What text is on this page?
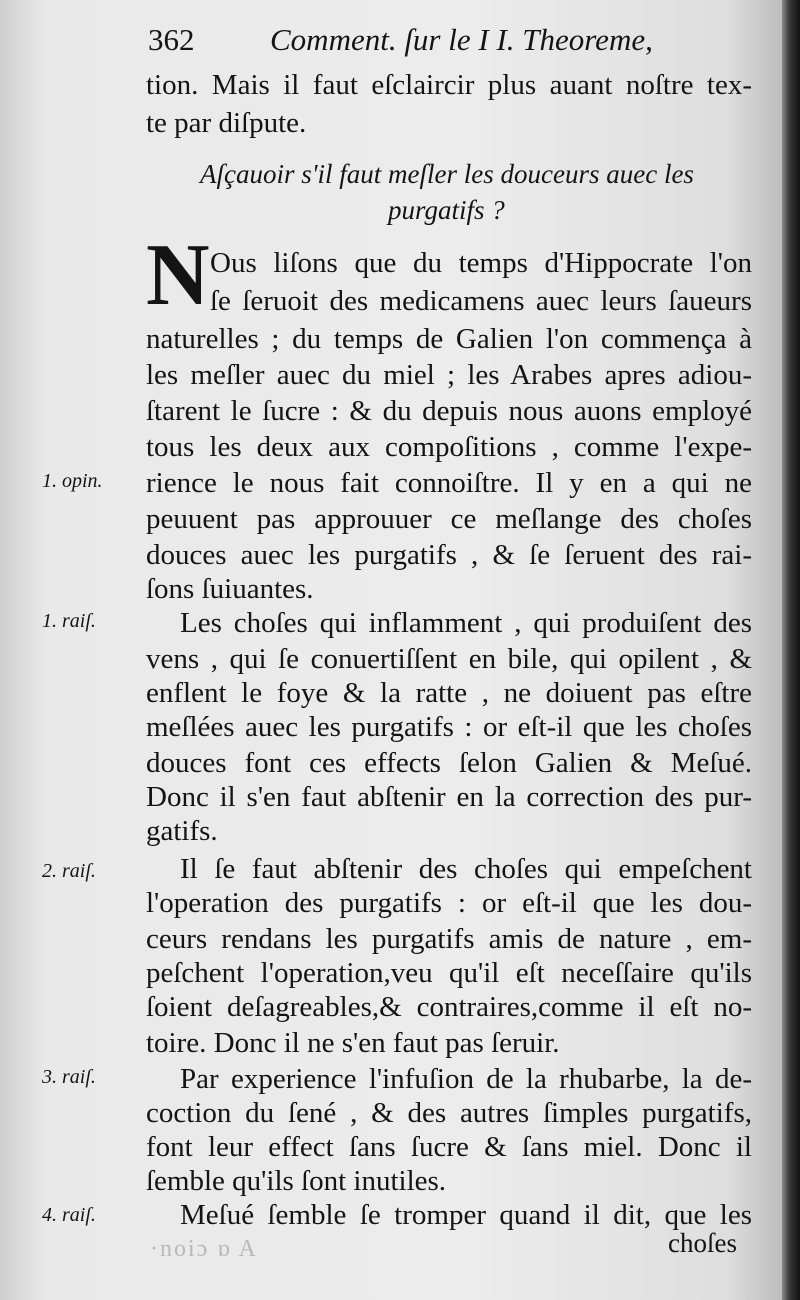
362 Comment. ſur le I I. Theoreme,
tion. Mais il faut eſclaircir plus auant noſtre tex-
te par diſpute.
Aſçauoir s'il faut meſler les douceurs auec les
purgatifs ?
N Ous liſons que du temps d'Hippocrate l'on
ſe ſeruoit des medicamens auec leurs ſaueurs
naturelles ; du temps de Galien l'on commença à
les meſler auec du miel ; les Arabes apres adiou-
ſtarent le ſucre : & du depuis nous auons employé
tous les deux aux compoſitions , comme l'expe-
rience le nous fait connoiſtre. Il y en a qui ne
peuuent pas approuuer ce meſlange des choſes
douces auec les purgatifs , & ſe ſeruent des rai-
ſons ſuiuantes.
Les choſes qui inflamment , qui produiſent des
vens , qui ſe conuertiſſent en bile, qui opilent , &
enflent le foye & la ratte , ne doiuent pas eſtre
meſlées auec les purgatifs : or eſt-il que les choſes
douces font ces effects ſelon Galien & Meſué.
Donc il s'en faut abſtenir en la correction des pur-
gatifs.
Il ſe faut abſtenir des choſes qui empeſchent
l'operation des purgatifs : or eſt-il que les dou-
ceurs rendans les purgatifs amis de nature , em-
peſchent l'operation,veu qu'il eſt neceſſaire qu'ils
ſoient deſagreables,& contraires,comme il eſt no-
toire. Donc il ne s'en faut pas ſeruir.
Par experience l'infuſion de la rhubarbe, la de-
coction du ſené , & des autres ſimples purgatifs,
font leur effect ſans ſucre & ſans miel. Donc il
ſemble qu'ils ſont inutiles.
Meſué ſemble ſe tromper quand il dit, que les
1. opin.
1. raiſ.
2. raiſ.
3. raiſ.
4. raiſ.
·noiɔ ɒ A	choſes
